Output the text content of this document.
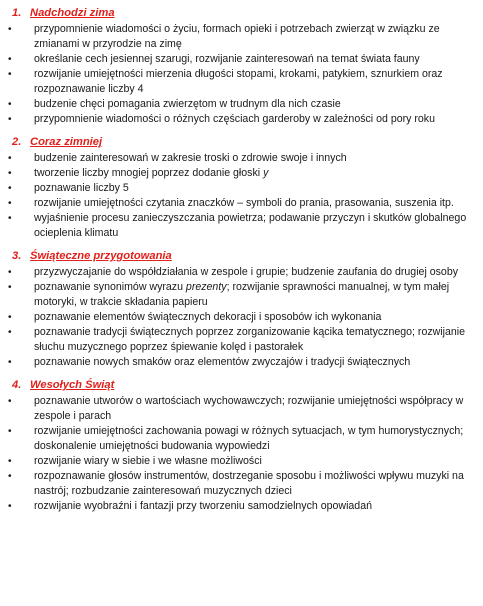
1. Nadchodzi zima
•	przypomnienie wiadomości o życiu, formach opieki i potrzebach zwierząt w związku ze zmianami w przyrodzie na zimę
•	określanie cech jesiennej szarugi, rozwijanie zainteresowań na temat świata fauny
•	rozwijanie umiejętności mierzenia długości stopami, krokami, patykiem, sznurkiem oraz rozpoznawanie liczby 4
•	budzenie chęci pomagania zwierzętom w trudnym dla nich czasie
•	przypomnienie wiadomości o różnych częściach garderoby w zależności od pory roku
2. Coraz zimniej
•	budzenie zainteresowań w zakresie troski o zdrowie swoje i innych
•	tworzenie liczby mnogiej poprzez dodanie głoski y
•	poznawanie liczby 5
•	rozwijanie umiejętności czytania znaczków – symboli do prania, prasowania, suszenia itp.
•	wyjaśnienie procesu zanieczyszczania powietrza; podawanie przyczyn i skutków globalnego ocieplenia klimatu
3. Świąteczne przygotowania
•	przyzwyczajanie do współdziałania w zespole i grupie; budzenie zaufania do drugiej osoby
•	poznawanie synonimów wyrazu prezenty; rozwijanie sprawności manualnej, w tym małej motoryki, w trakcie składania papieru
•	poznawanie elementów świątecznych dekoracji i sposobów ich wykonania
•	poznawanie tradycji świątecznych poprzez zorganizowanie kącika tematycznego; rozwijanie słuchu muzycznego poprzez śpiewanie kolęd i pastorałek
•	poznawanie nowych smaków oraz elementów zwyczajów i tradycji świątecznych
4. Wesołych Świąt
•	poznawanie utworów o wartościach wychowawczych; rozwijanie umiejętności współpracy w zespole i parach
•	rozwijanie umiejętności zachowania powagi w różnych sytuacjach, w tym humorystycznych; doskonalenie umiejętności budowania wypowiedzi
•	rozwijanie wiary w siebie i we własne możliwości
•	rozpoznawanie głosów instrumentów, dostrzeganie sposobu i możliwości wpływu muzyki na nastrój; rozbudzanie zainteresowań muzycznych dzieci
•	rozwijanie wyobraźni i fantazji przy tworzeniu samodzielnych opowiadań
